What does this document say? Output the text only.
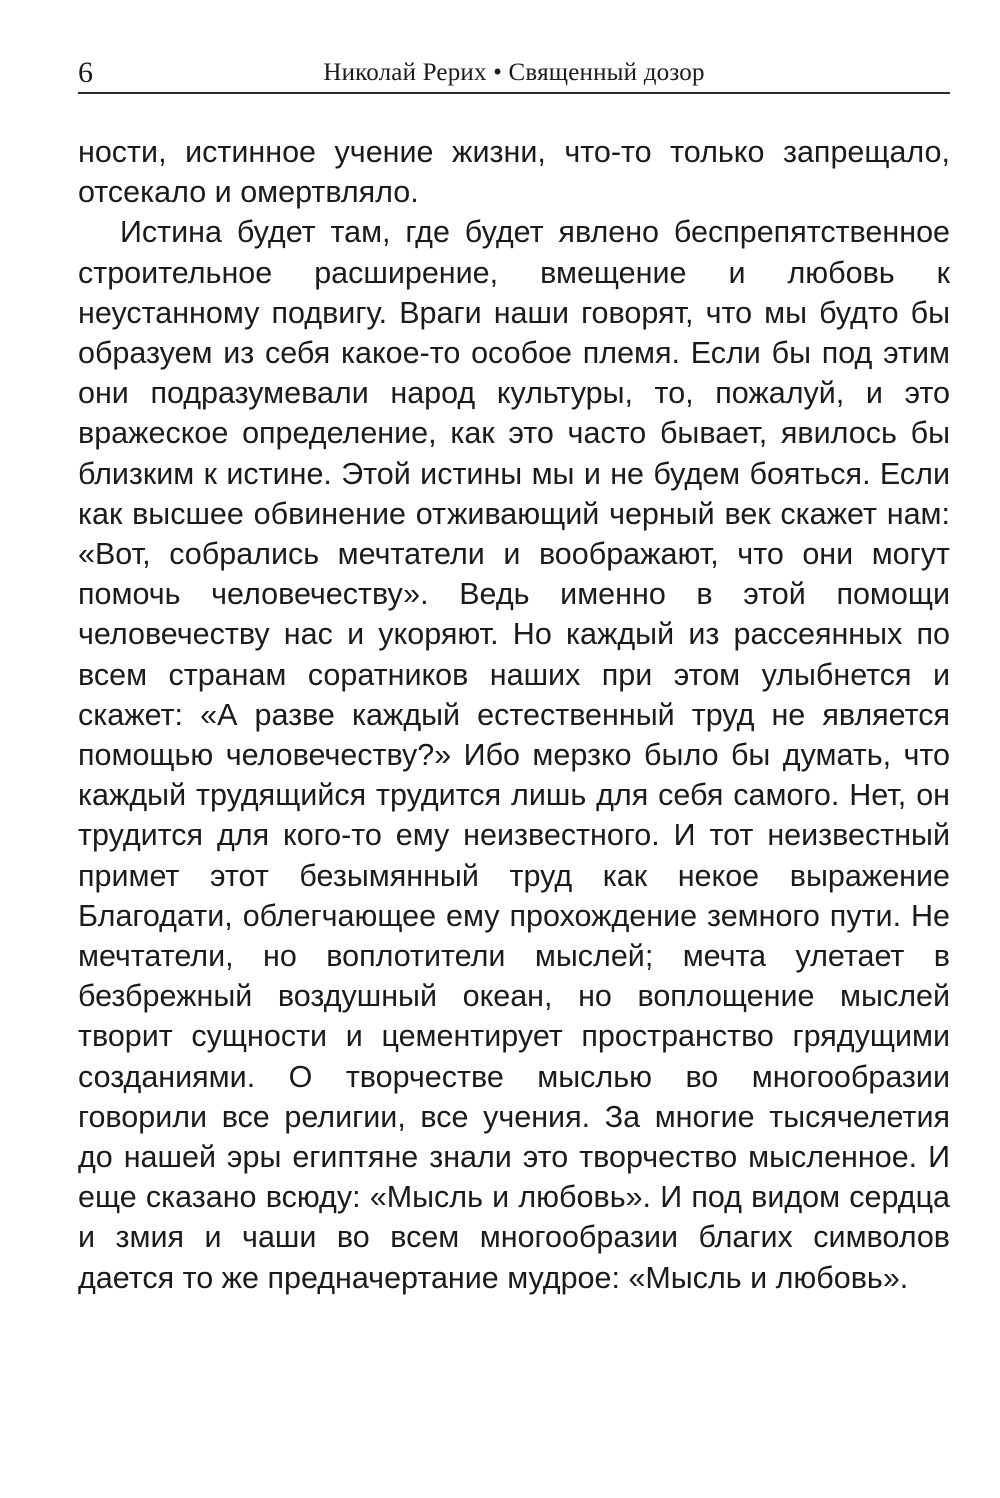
6	Николай Рерих • Священный дозор

ности, истинное учение жизни, что-то только запрещало, отсекало и омертвляло.

Истина будет там, где будет явлено беспрепятственное строительное расширение, вмещение и любовь к неустанному подвигу. Враги наши говорят, что мы будто бы образуем из себя какое-то особое племя. Если бы под этим они подразумевали народ культуры, то, пожалуй, и это вражеское определение, как это часто бывает, явилось бы близким к истине. Этой истины мы и не будем бояться. Если как высшее обвинение отживающий черный век скажет нам: «Вот, собрались мечтатели и воображают, что они могут помочь человечеству». Ведь именно в этой помощи человечеству нас и укоряют. Но каждый из рассеянных по всем странам соратников наших при этом улыбнется и скажет: «А разве каждый естественный труд не является помощью человечеству?» Ибо мерзко было бы думать, что каждый трудящийся трудится лишь для себя самого. Нет, он трудится для кого-то ему неизвестного. И тот неизвестный примет этот безымянный труд как некое выражение Благодати, облегчающее ему прохождение земного пути. Не мечтатели, но воплотители мыслей; мечта улетает в безбрежный воздушный океан, но воплощение мыслей творит сущности и цементирует пространство грядущими созданиями. О творчестве мыслью во многообразии говорили все религии, все учения. За многие тысячелетия до нашей эры египтяне знали это творчество мысленное. И еще сказано всюду: «Мысль и любовь». И под видом сердца и змия и чаши во всем многообразии благих символов дается то же предначертание мудрое: «Мысль и любовь».
